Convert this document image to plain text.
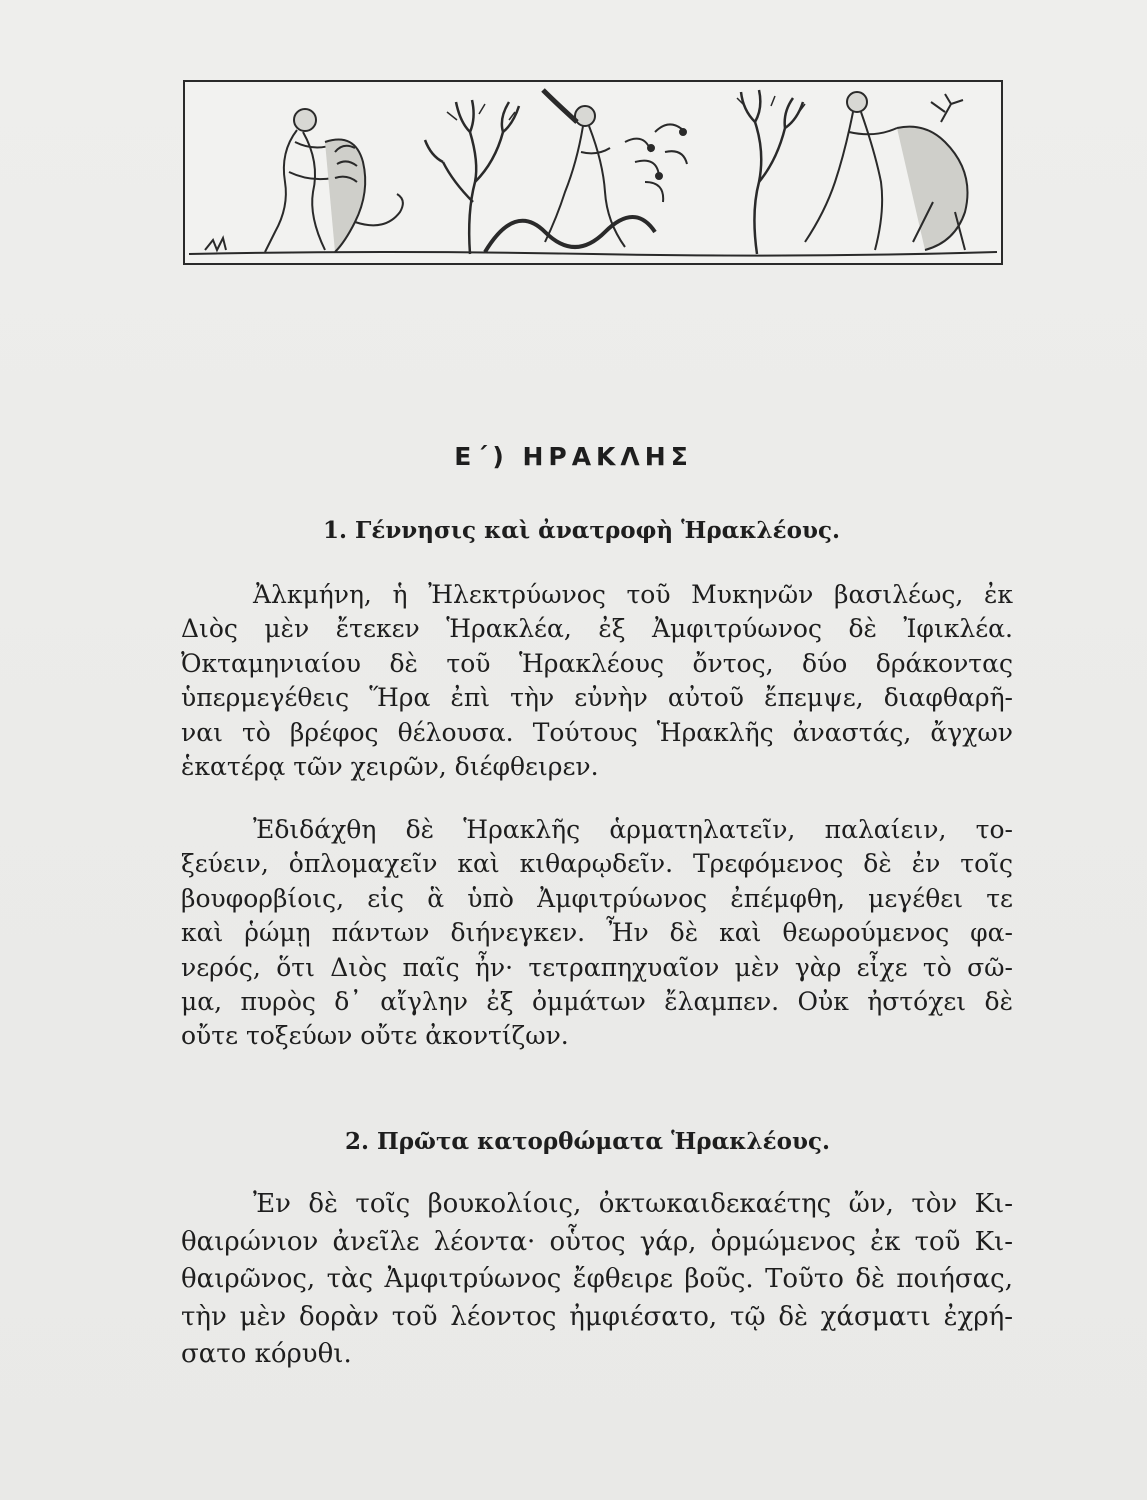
Ε΄) ΗΡΑΚΛΗΣ
1. Γέννησις καὶ ἀνατροφὴ Ἡρακλέους.
Ἀλκμήνη, ἡ Ἠλεκτρύωνος τοῦ Μυκηνῶν βασιλέως, ἐκ
Διὸς μὲν ἔτεκεν Ἡρακλέα, ἐξ Ἀμφιτρύωνος δὲ Ἰφικλέα.
Ὀκταμηνιαίου δὲ τοῦ Ἡρακλέους ὄντος, δύο δράκοντας
ὑπερμεγέθεις Ἥρα ἐπὶ τὴν εὐνὴν αὐτοῦ ἔπεμψε, διαφθαρῆ-
ναι τὸ βρέφος θέλουσα. Τούτους Ἡρακλῆς ἀναστάς, ἄγχων
ἑκατέρᾳ τῶν χειρῶν, διέφθειρεν.
Ἐδιδάχθη δὲ Ἡρακλῆς ἁρματηλατεῖν, παλαίειν, το-
ξεύειν, ὁπλομαχεῖν καὶ κιθαρῳδεῖν. Τρεφόμενος δὲ ἐν τοῖς
βουφορβίοις, εἰς ἃ ὑπὸ Ἀμφιτρύωνος ἐπέμφθη, μεγέθει τε
καὶ ῥώμῃ πάντων διήνεγκεν. Ἦν δὲ καὶ θεωρούμενος φα-
νερός, ὅτι Διὸς παῖς ἦν· τετραπηχυαῖον μὲν γὰρ εἶχε τὸ σῶ-
μα, πυρὸς δ᾿ αἴγλην ἐξ ὀμμάτων ἔλαμπεν. Οὐκ ἠστόχει δὲ
οὔτε τοξεύων οὔτε ἀκοντίζων.
2. Πρῶτα κατορθώματα Ἡρακλέους.
Ἐν δὲ τοῖς βουκολίοις, ὀκτωκαιδεκαέτης ὤν, τὸν Κι-
θαιρώνιον ἀνεῖλε λέοντα· οὗτος γάρ, ὁρμώμενος ἐκ τοῦ Κι-
θαιρῶνος, τὰς Ἀμφιτρύωνος ἔφθειρε βοῦς. Τοῦτο δὲ ποιήσας,
τὴν μὲν δορὰν τοῦ λέοντος ἠμφιέσατο, τῷ δὲ χάσματι ἐχρή-
σατο κόρυθι.
